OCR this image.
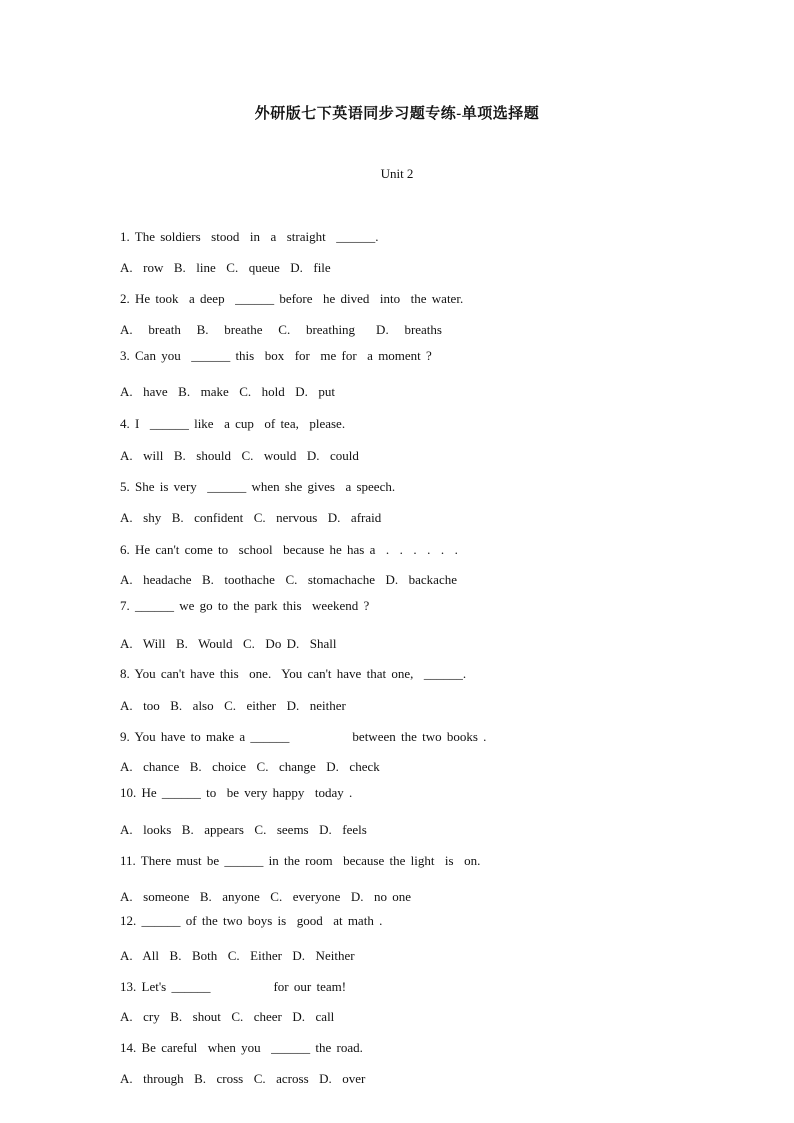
外研版七下英语同步习题专练-单项选择题
Unit 2
1. The soldiers  stood  in  a  straight  ______.
A.  row  B.  line  C.  queue  D.  file
2. He took  a deep  ______ before  he dived  into  the water.
A.   breath   B.   breathe   C.   breathing    D.   breaths
3. Can you  ______ this  box  for  me for  a moment ?
A.  have  B.  make  C.  hold  D.  put
4. I  ______ like  a cup  of tea,  please.
A.  will  B.  should  C.  would  D.  could
5. She is very  ______ when she gives  a speech.
A.  shy  B.  confident  C.  nervous  D.  afraid
6. He can't come to  school  because he has a  .  .  .  .  .  .
A.  headache  B.  toothache  C.  stomachache  D.  backache
7. ______ we go to the park this  weekend ?
A.  Will  B.  Would  C.  Do D.  Shall
8. You can't have this  one.  You can't have that one,  ______.
A.  too  B.  also  C.  either  D.  neither
9. You have to make a ______            between the two books .
A.  chance  B.  choice  C.  change  D.  check
10. He ______ to  be very happy  today .
A.  looks  B.  appears  C.  seems  D.  feels
11. There must be ______ in the room  because the light  is  on.
A.  someone  B.  anyone  C.  everyone  D.  no one
12. ______ of the two boys is  good  at math .
A.  All  B.  Both  C.  Either  D.  Neither
13. Let's ______            for our team!
A.  cry  B.  shout  C.  cheer  D.  call
14. Be careful  when you  ______ the road.
A.  through  B.  cross  C.  across  D.  over
